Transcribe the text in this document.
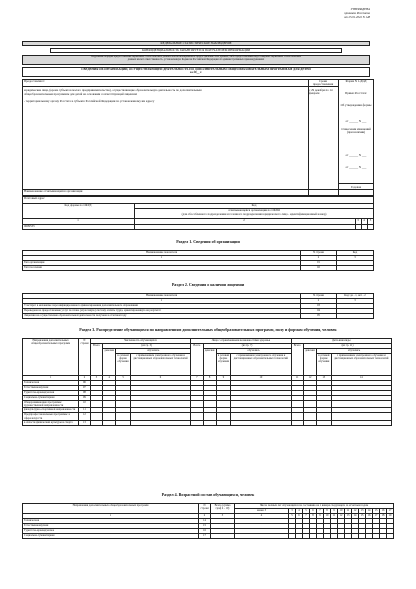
УТВЕРЖДЕНА
приказом Росстата
от 25.01.2022 N 148
ФЕДЕРАЛЬНОЕ СТАТИСТИЧЕСКОЕ НАБЛЮДЕНИЕ
КОНФИДЕНЦИАЛЬНОСТЬ ГАРАНТИРУЕТСЯ ПОЛУЧАТЕЛЕМ ИНФОРМАЦИИ
Нарушение порядка предоставления первичных статистических данных или несвоевременное предоставление этих данных, либо предоставление недостоверных первичных статистических
данных влечет ответственность, установленную Кодексом Российской Федерации об административных правонарушениях
СВЕДЕНИЯ ОБ ОРГАНИЗАЦИИ, ОСУЩЕСТВЛЯЮЩЕЙ ДЕЯТЕЛЬНОСТЬ ПО ДОПОЛНИТЕЛЬНЫМ ОБЩЕОБРАЗОВАТЕЛЬНЫМ ПРОГРАММАМ ДЛЯ ДЕТЕЙ
за 20__ г.
Предоставляют:	Сроки предоставления
Форма N 1-ДОД
юридические лица, (кроме субъектов малого предпринимательства), осуществляющие образовательную деятельность по дополнительным
общеобразовательным программам для детей на основании соответствующей лицензии:
- территориальному органу Росстата в субъекте Российской Федерации по установленному им адресу
с 29 декабря по 14 февраля	Приказ Росстата:
Об утверждении формы
от ______ N ___
О внесении изменений (при наличии)
от ______ N ___
от ______ N ___
Годовая
Наименование отчитывающейся организации
Почтовый адрес
Код формы по ОКУД	Код
отчитывающейся организации по ОКПО
(для обособленного подразделения и головного подразделения юридического лица - идентификационный номер)
1	2	3	4	5
0609533
Раздел 1. Сведения об организации
Наименование показателя	N строки	Код
1	2	3
Тип организации	01	
Тип поселения	02	
Раздел 2. Сведения о наличии лицензии
Наименование показателя	N строки	Код: да - 1, нет - 2
1	2	3
Участвует в механизме персонифицированного финансирования дополнительного образования	03	
Переведена на предоставление услуг по плане (отраслевую) систему оплаты труда, ориентированную на результат	04	
Лицензия на осуществление образовательной деятельности получена в отчетном году	05	
Раздел 3. Распределение обучающихся по направлениям дополнительных общеобразовательных программ, полу и формам обучения, человек
Направления дополнительных общеобразовательных программ	N строки	Численность обучающихся				Лица с ограниченными возможностями здоровья				Дети-инвалиды			
		Всего	(из гр. 3)			Всего	(из гр. 7)			Всего	(из гр. 11)		
			девочки	обучались			девочки	обучались			девочки	обучались	
				в сетевой форме обучения	с применением электронного обучения и дистанционных образовательных технологий			в сетевой форме обучения	с применением электронного обучения и дистанционных образовательных технологий			в сетевой форме обучения	с применением электронного обучения и дистанционных образовательных технологий
1	2	3	4	5	6	7	8	9	10	11	12	13	14
Техническая	06												
Естественнонаучная	07												
Туристско-краеведческая	08												
Социально-гуманитарная	09												
Общеразвивающие программы: художественной направленности	10												
физкультурно-спортивной направленности	11												
Предпрофессиональные программы: в сфере искусств	12												
в области физической культуры и спорта	13												
Раздел 4. Возрастной состав обучающихся, человек
Направления дополнительных общеобразовательных программ	N строки	Всего (сумма граф 4 - 19)	Число полных лет обучающихся по состоянию на 1 января следующего за отчетным годом															
			менее 3	3	4	5	6	7	8	9	10	11	12	13	14	15	16	17

1	2	3	4	5	6	7	8	9	10	11	12	13	14	15	16	17	18	19
Техническая	14																	
Естественнонаучная	15																	
Туристско-краеведческое	16																	
Социально-гуманитарная	17																	
